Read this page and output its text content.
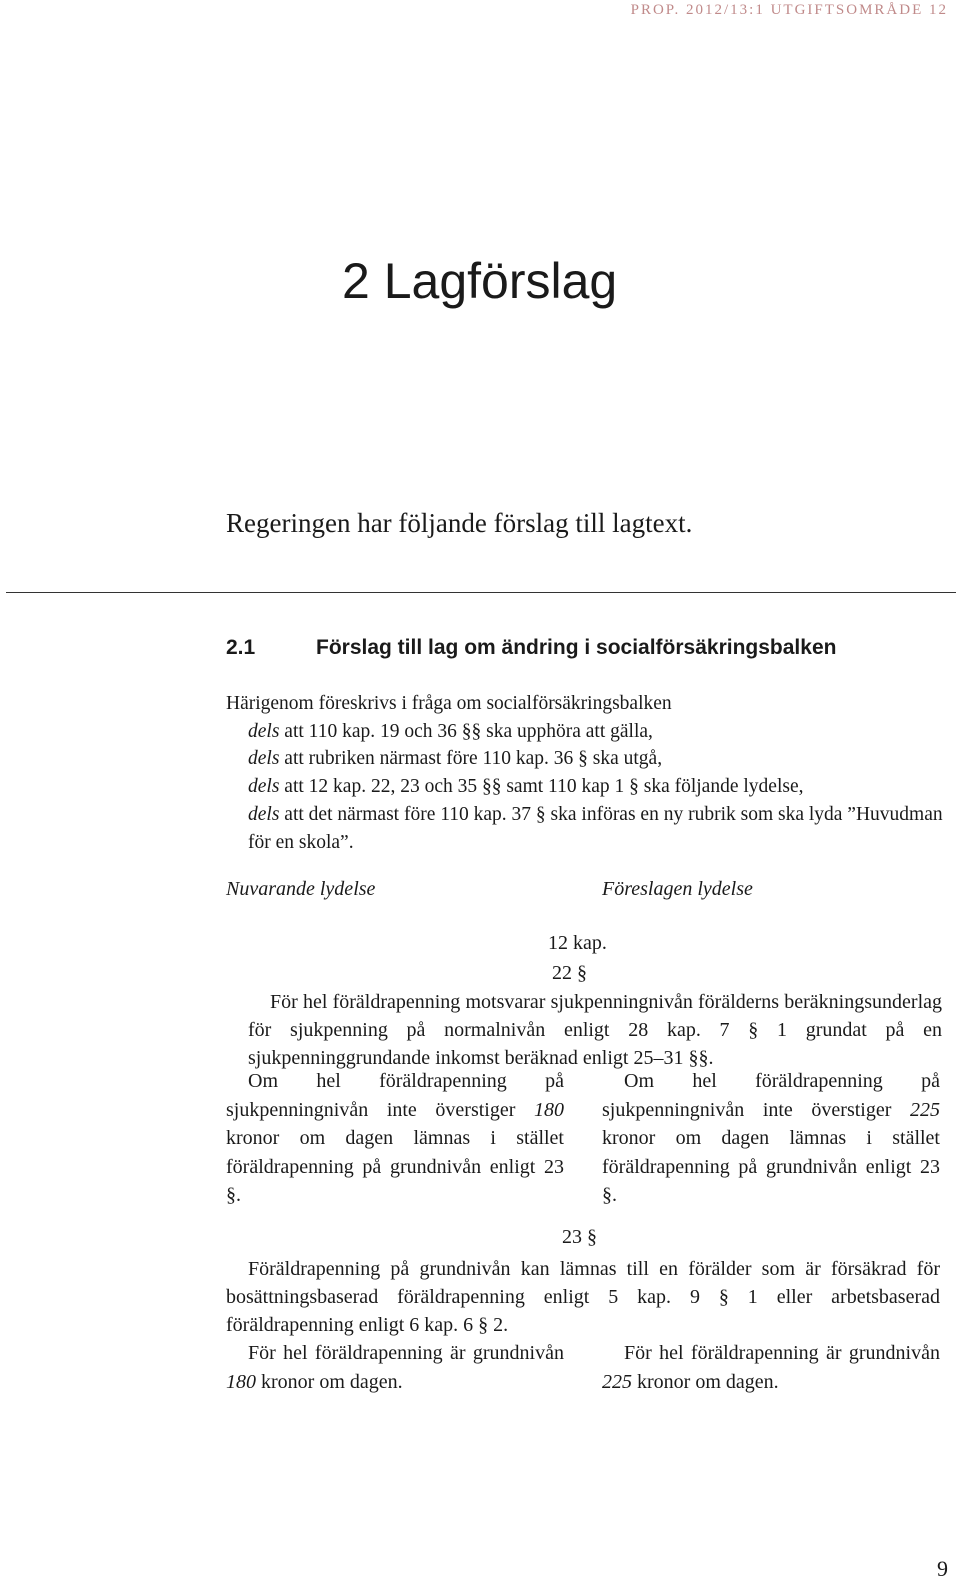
PROP. 2012/13:1 UTGIFTSOMRÅDE 12
2 Lagförslag
Regeringen har följande förslag till lagtext.
2.1	Förslag till lag om ändring i socialförsäkringsbalken
Härigenom föreskrivs i fråga om socialförsäkringsbalken
dels att 110 kap. 19 och 36 §§ ska upphöra att gälla,
dels att rubriken närmast före 110 kap. 36 § ska utgå,
dels att 12 kap. 22, 23 och 35 §§ samt 110 kap 1 § ska följande lydelse,
dels att det närmast före 110 kap. 37 § ska införas en ny rubrik som ska lyda ”Huvudman för en skola”.
Nuvarande lydelse	Föreslagen lydelse
12 kap.
22 §
För hel föräldrapenning motsvarar sjukpenningnivån förälderns beräkningsunderlag för sjukpenning på normalnivån enligt 28 kap. 7 § 1 grundat på en sjukpenninggrundande inkomst beräknad enligt 25–31 §§.
Om hel föräldrapenning på sjukpenningnivån inte överstiger 180 kronor om dagen lämnas i stället föräldrapenning på grundnivån enligt 23 §.
Om hel föräldrapenning på sjukpenningnivån inte överstiger 225 kronor om dagen lämnas i stället föräldrapenning på grundnivån enligt 23 §.
23 §
Föräldrapenning på grundnivån kan lämnas till en förälder som är försäkrad för bosättningsbaserad föräldrapenning enligt 5 kap. 9 § 1 eller arbetsbaserad föräldrapenning enligt 6 kap. 6 § 2.
För hel föräldrapenning är grundnivån 180 kronor om dagen.
För hel föräldrapenning är grundnivån 225 kronor om dagen.
9
